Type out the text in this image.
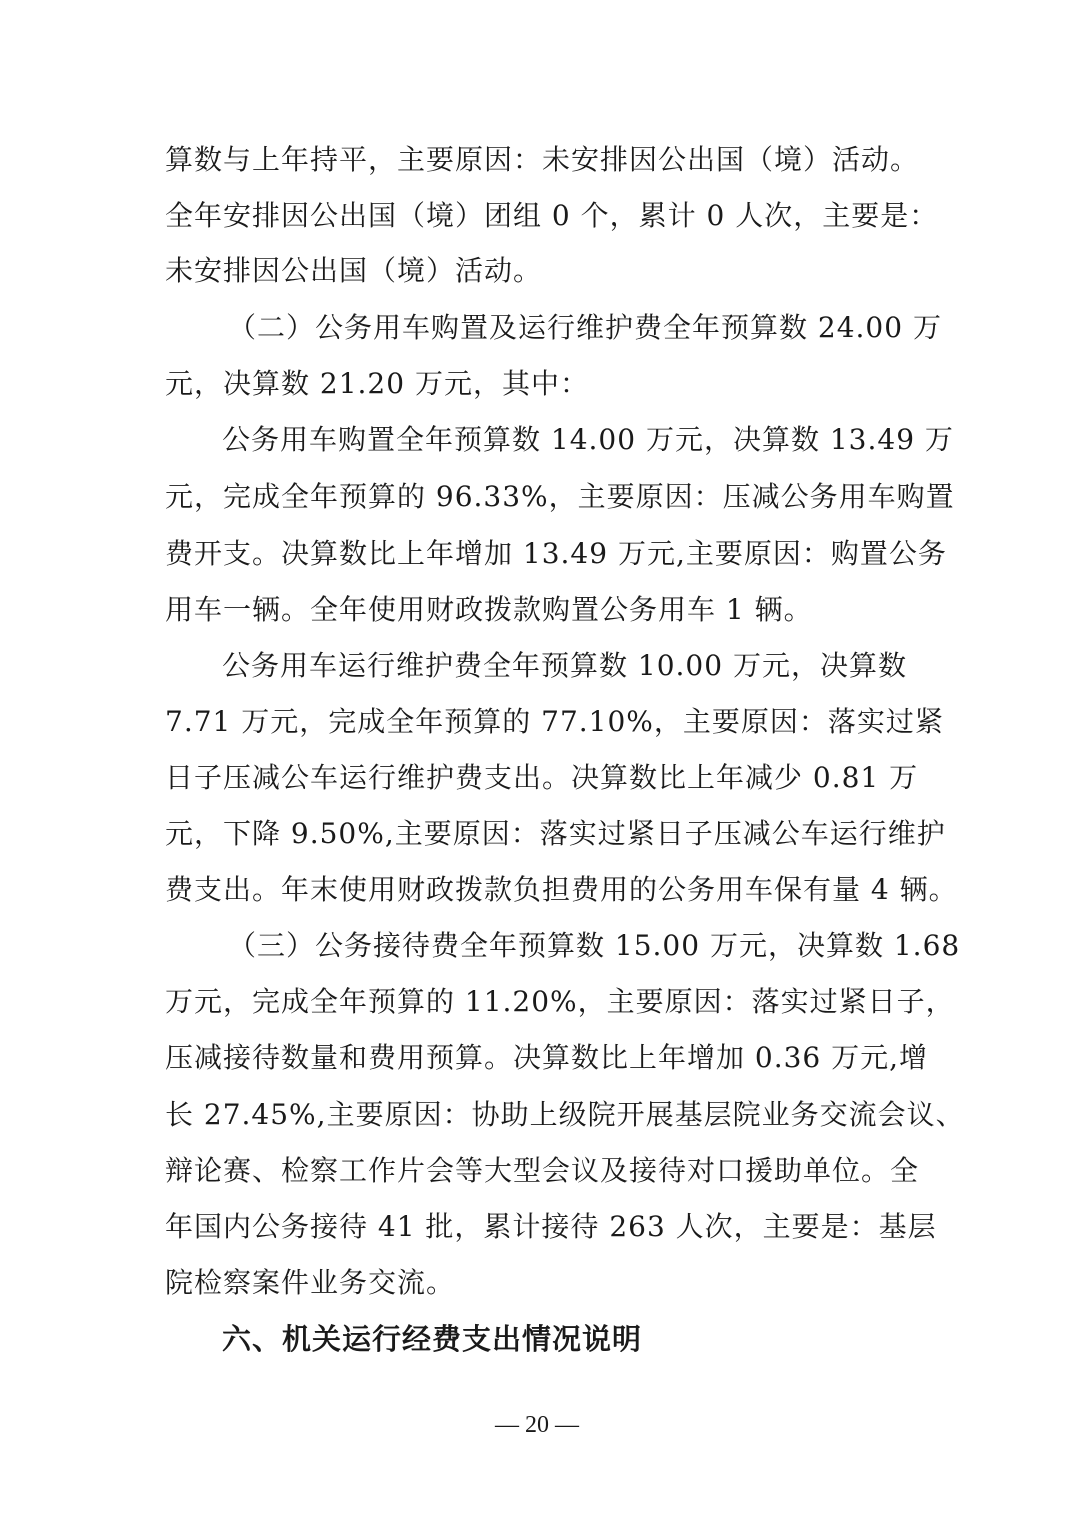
算数与上年持平，主要原因：未安排因公出国（境）活动。
全年安排因公出国（境）团组 0 个，累计 0 人次，主要是：
未安排因公出国（境）活动。
（二）公务用车购置及运行维护费全年预算数 24.00 万
元，决算数 21.20 万元，其中：
公务用车购置全年预算数 14.00 万元，决算数 13.49 万
元，完成全年预算的 96.33%，主要原因：压减公务用车购置
费开支。决算数比上年增加 13.49 万元,主要原因：购置公务
用车一辆。全年使用财政拨款购置公务用车 1 辆。
公务用车运行维护费全年预算数 10.00 万元，决算数
7.71 万元，完成全年预算的 77.10%，主要原因：落实过紧
日子压减公车运行维护费支出。决算数比上年减少 0.81 万
元，下降 9.50%,主要原因：落实过紧日子压减公车运行维护
费支出。年末使用财政拨款负担费用的公务用车保有量 4 辆。
（三）公务接待费全年预算数 15.00 万元，决算数 1.68
万元，完成全年预算的 11.20%，主要原因：落实过紧日子，
压减接待数量和费用预算。决算数比上年增加 0.36 万元,增
长 27.45%,主要原因：协助上级院开展基层院业务交流会议、
辩论赛、检察工作片会等大型会议及接待对口援助单位。全
年国内公务接待 41 批，累计接待 263 人次，主要是：基层
院检察案件业务交流。
六、机关运行经费支出情况说明
— 20 —
